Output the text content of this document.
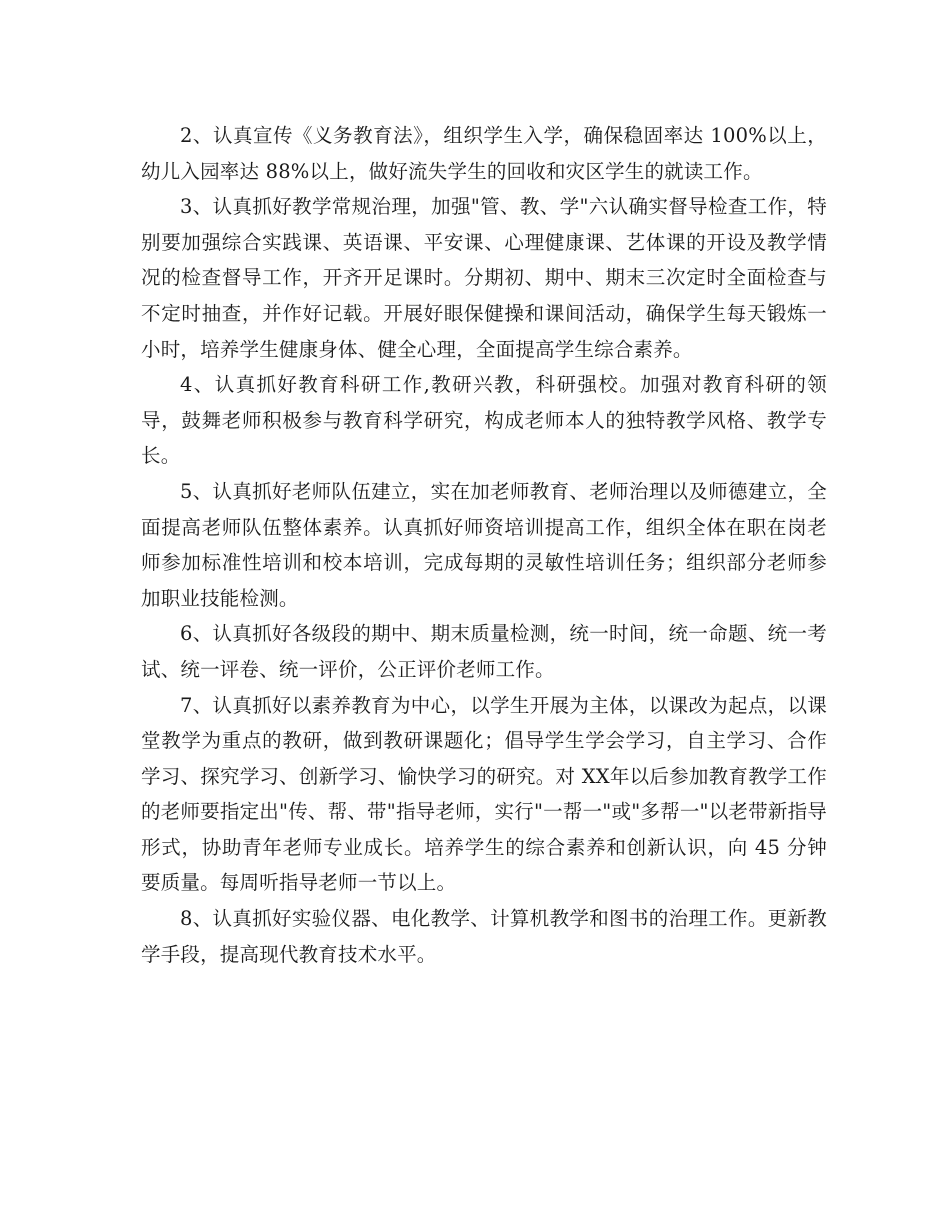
2、认真宣传《义务教育法》，组织学生入学，确保稳固率达 100%以上，幼儿入园率达 88%以上，做好流失学生的回收和灾区学生的就读工作。

3、认真抓好教学常规治理，加强"管、教、学"六认确实督导检查工作，特别要加强综合实践课、英语课、平安课、心理健康课、艺体课的开设及教学情况的检查督导工作，开齐开足课时。分期初、期中、期末三次定时全面检查与不定时抽查，并作好记载。开展好眼保健操和课间活动，确保学生每天锻炼一小时，培养学生健康身体、健全心理，全面提高学生综合素养。

4、认真抓好教育科研工作,教研兴教，科研强校。加强对教育科研的领导，鼓舞老师积极参与教育科学研究，构成老师本人的独特教学风格、教学专长。

5、认真抓好老师队伍建立，实在加老师教育、老师治理以及师德建立，全面提高老师队伍整体素养。认真抓好师资培训提高工作，组织全体在职在岗老师参加标准性培训和校本培训，完成每期的灵敏性培训任务；组织部分老师参加职业技能检测。

6、认真抓好各级段的期中、期末质量检测，统一时间，统一命题、统一考试、统一评卷、统一评价，公正评价老师工作。

7、认真抓好以素养教育为中心，以学生开展为主体，以课改为起点，以课堂教学为重点的教研，做到教研课题化；倡导学生学会学习，自主学习、合作学习、探究学习、创新学习、愉快学习的研究。对 XX年以后参加教育教学工作的老师要指定出"传、帮、带"指导老师，实行"一帮一"或"多帮一"以老带新指导形式，协助青年老师专业成长。培养学生的综合素养和创新认识，向 45 分钟要质量。每周听指导老师一节以上。

8、认真抓好实验仪器、电化教学、计算机教学和图书的治理工作。更新教学手段，提高现代教育技术水平。
